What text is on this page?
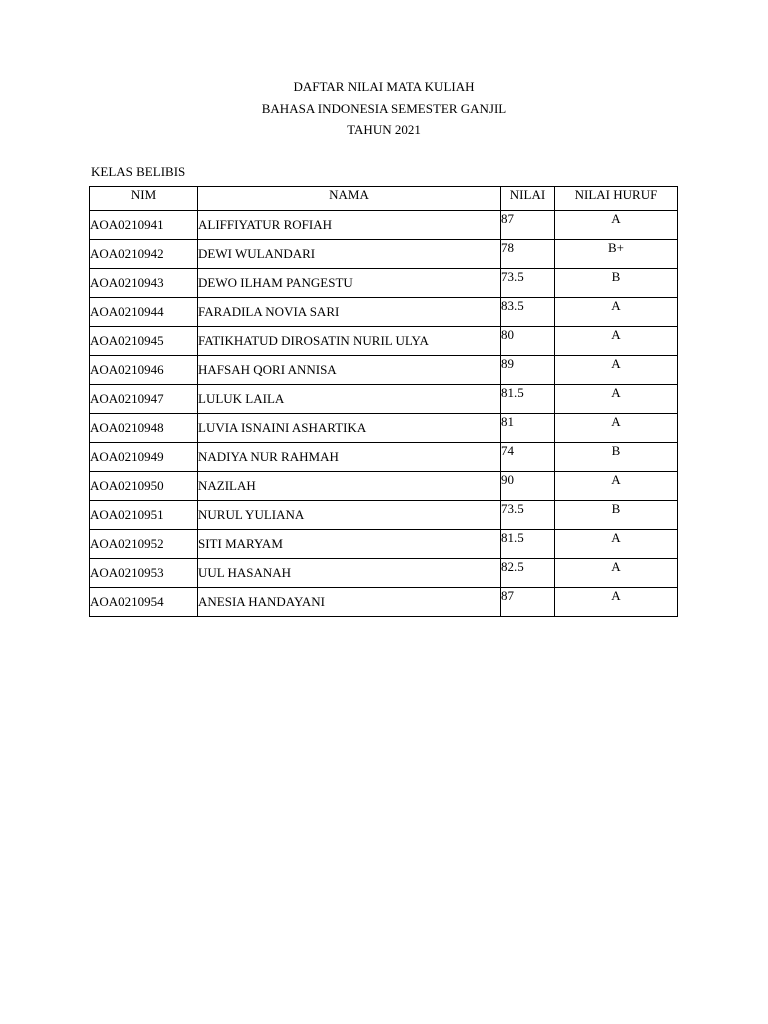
DAFTAR NILAI MATA KULIAH
BAHASA INDONESIA SEMESTER GANJIL
TAHUN 2021
KELAS BELIBIS
NIM	NAMA	NILAI	NILAI HURUF
AOA0210941	ALIFFIYATUR ROFIAH	87	A
AOA0210942	DEWI WULANDARI	78	B+
AOA0210943	DEWO ILHAM PANGESTU	73.5	B
AOA0210944	FARADILA NOVIA SARI	83.5	A
AOA0210945	FATIKHATUD DIROSATIN NURIL ULYA	80	A
AOA0210946	HAFSAH QORI ANNISA	89	A
AOA0210947	LULUK LAILA	81.5	A
AOA0210948	LUVIA ISNAINI ASHARTIKA	81	A
AOA0210949	NADIYA NUR RAHMAH	74	B
AOA0210950	NAZILAH	90	A
AOA0210951	NURUL YULIANA	73.5	B
AOA0210952	SITI MARYAM	81.5	A
AOA0210953	UUL HASANAH	82.5	A
AOA0210954	ANESIA HANDAYANI	87	A
